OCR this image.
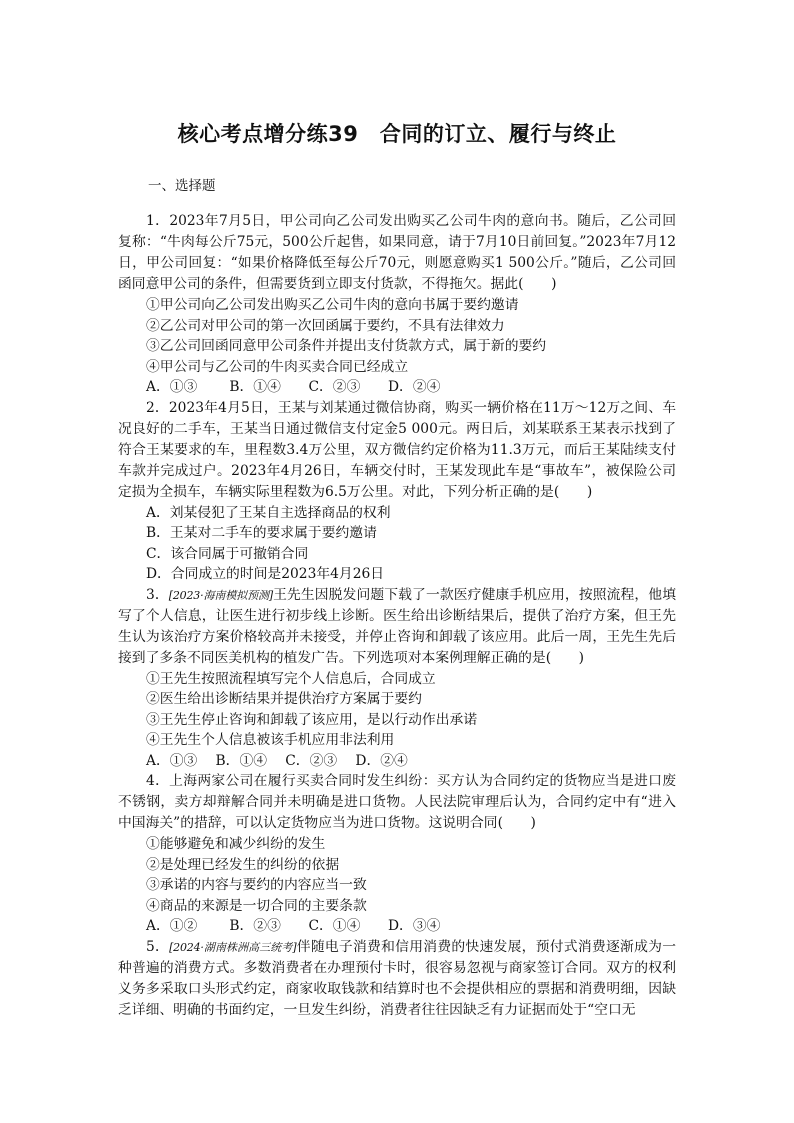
核心考点增分练39　合同的订立、履行与终止
一、选择题

1．2023年7月5日，甲公司向乙公司发出购买乙公司牛肉的意向书。随后，乙公司回复称：“牛肉每公斤75元，500公斤起售，如果同意，请于7月10日前回复。”2023年7月12日，甲公司回复：“如果价格降低至每公斤70元，则愿意购买1 500公斤。”随后，乙公司回函同意甲公司的条件，但需要货到立即支付货款，不得拖欠。据此(　　)

①甲公司向乙公司发出购买乙公司牛肉的意向书属于要约邀请
②乙公司对甲公司的第一次回函属于要约，不具有法律效力
③乙公司回函同意甲公司条件并提出支付货款方式，属于新的要约
④甲公司与乙公司的牛肉买卖合同已经成立
A．①③　　 B．①④　　C．②③　　D．②④

2．2023年4月5日，王某与刘某通过微信协商，购买一辆价格在11万～12万之间、车况良好的二手车，王某当日通过微信支付定金5 000元。两日后，刘某联系王某表示找到了符合王某要求的车，里程数3.4万公里，双方微信约定价格为11.3万元，而后王某陆续支付车款并完成过户。2023年4月26日，车辆交付时，王某发现此车是“事故车”，被保险公司定损为全损车，车辆实际里程数为6.5万公里。对此，下列分析正确的是(　　)

A．刘某侵犯了王某自主选择商品的权利
B．王某对二手车的要求属于要约邀请
C．该合同属于可撤销合同
D．合同成立的时间是2023年4月26日

3．[2023·海南模拟预测]王先生因脱发问题下载了一款医疗健康手机应用，按照流程，他填写了个人信息，让医生进行初步线上诊断。医生给出诊断结果后，提供了治疗方案，但王先生认为该治疗方案价格较高并未接受，并停止咨询和卸载了该应用。此后一周，王先生先后接到了多条不同医美机构的植发广告。下列选项对本案例理解正确的是(　　)

①王先生按照流程填写完个人信息后，合同成立
②医生给出诊断结果并提供治疗方案属于要约
③王先生停止咨询和卸载了该应用，是以行动作出承诺
④王先生个人信息被该手机应用非法利用
A．①③　 B．①④　 C．②③　 D．②④

4．上海两家公司在履行买卖合同时发生纠纷：买方认为合同约定的货物应当是进口废不锈钢，卖方却辩解合同并未明确是进口货物。人民法院审理后认为，合同约定中有“进入中国海关”的措辞，可以认定货物应当为进口货物。这说明合同(　　)

①能够避免和减少纠纷的发生
②是处理已经发生的纠纷的依据
③承诺的内容与要约的内容应当一致
④商品的来源是一切合同的主要条款
A．①②　　 B．②③　　C．①④　　D．③④

5．[2024·湖南株洲高三统考]伴随电子消费和信用消费的快速发展，预付式消费逐渐成为一种普遍的消费方式。多数消费者在办理预付卡时，很容易忽视与商家签订合同。双方的权利义务多采取口头形式约定，商家收取钱款和结算时也不会提供相应的票据和消费明细，因缺乏详细、明确的书面约定，一旦发生纠纷，消费者往往因缺乏有力证据而处于“空口无
